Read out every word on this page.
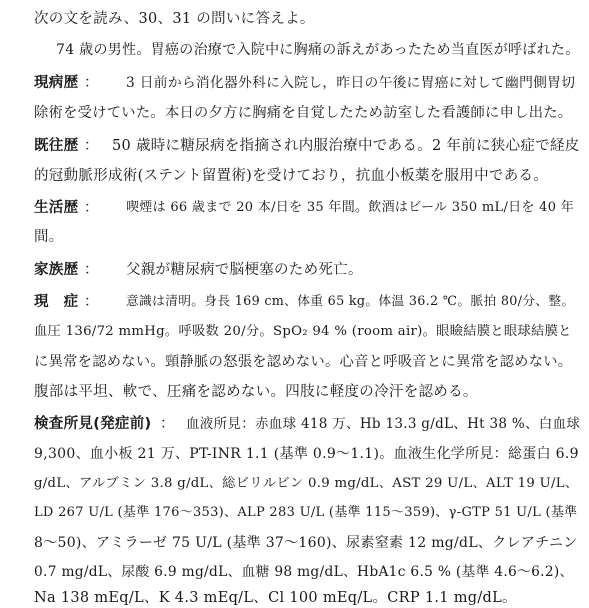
次の文を読み、30、31 の問いに答えよ。
74 歳の男性。胃癌の治療で入院中に胸痛の訴えがあったため当直医が呼ばれた。
現病歴 ： 3 日前から消化器外科に入院し，昨日の午後に胃癌に対して幽門側胃切
除術を受けていた。本日の夕方に胸痛を自覚したため訪室した看護師に申し出た。
既往歴 ： 50 歳時に糖尿病を指摘され内服治療中である。2 年前に狭心症で経皮
的冠動脈形成術(ステント留置術)を受けており，抗血小板薬を服用中である。
生活歴 ： 喫煙は 66 歳まで 20 本/日を 35 年間。飲酒はビール 350 mL/日を 40 年
間。
家族歴 ： 父親が糖尿病で脳梗塞のため死亡。
現　症 ： 意識は清明。身長 169 cm、体重 65 kg。体温 36.2 ℃。脈拍 80/分、整。
血圧 136/72 mmHg。呼吸数 20/分。SpO₂ 94 % (room air)。眼瞼結膜と眼球結膜と
に異常を認めない。頸静脈の怒張を認めない。心音と呼吸音とに異常を認めない。
腹部は平坦、軟で、圧痛を認めない。四肢に軽度の冷汗を認める。
検査所見(発症前) ： 血液所見：赤血球 418 万、Hb 13.3 g/dL、Ht 38 %、白血球
9,300、血小板 21 万、PT-INR 1.1 (基準 0.9〜1.1)。血液生化学所見：総蛋白 6.9
g/dL、アルブミン 3.8 g/dL、総ビリルビン 0.9 mg/dL、AST 29 U/L、ALT 19 U/L、
LD 267 U/L (基準 176〜353)、ALP 283 U/L (基準 115〜359)、γ-GTP 51 U/L (基準
8〜50)、アミラーゼ 75 U/L (基準 37〜160)、尿素窒素 12 mg/dL、クレアチニン
0.7 mg/dL、尿酸 6.9 mg/dL、血糖 98 mg/dL、HbA1c 6.5 % (基準 4.6〜6.2)、
Na 138 mEq/L、K 4.3 mEq/L、Cl 100 mEq/L。CRP 1.1 mg/dL。
